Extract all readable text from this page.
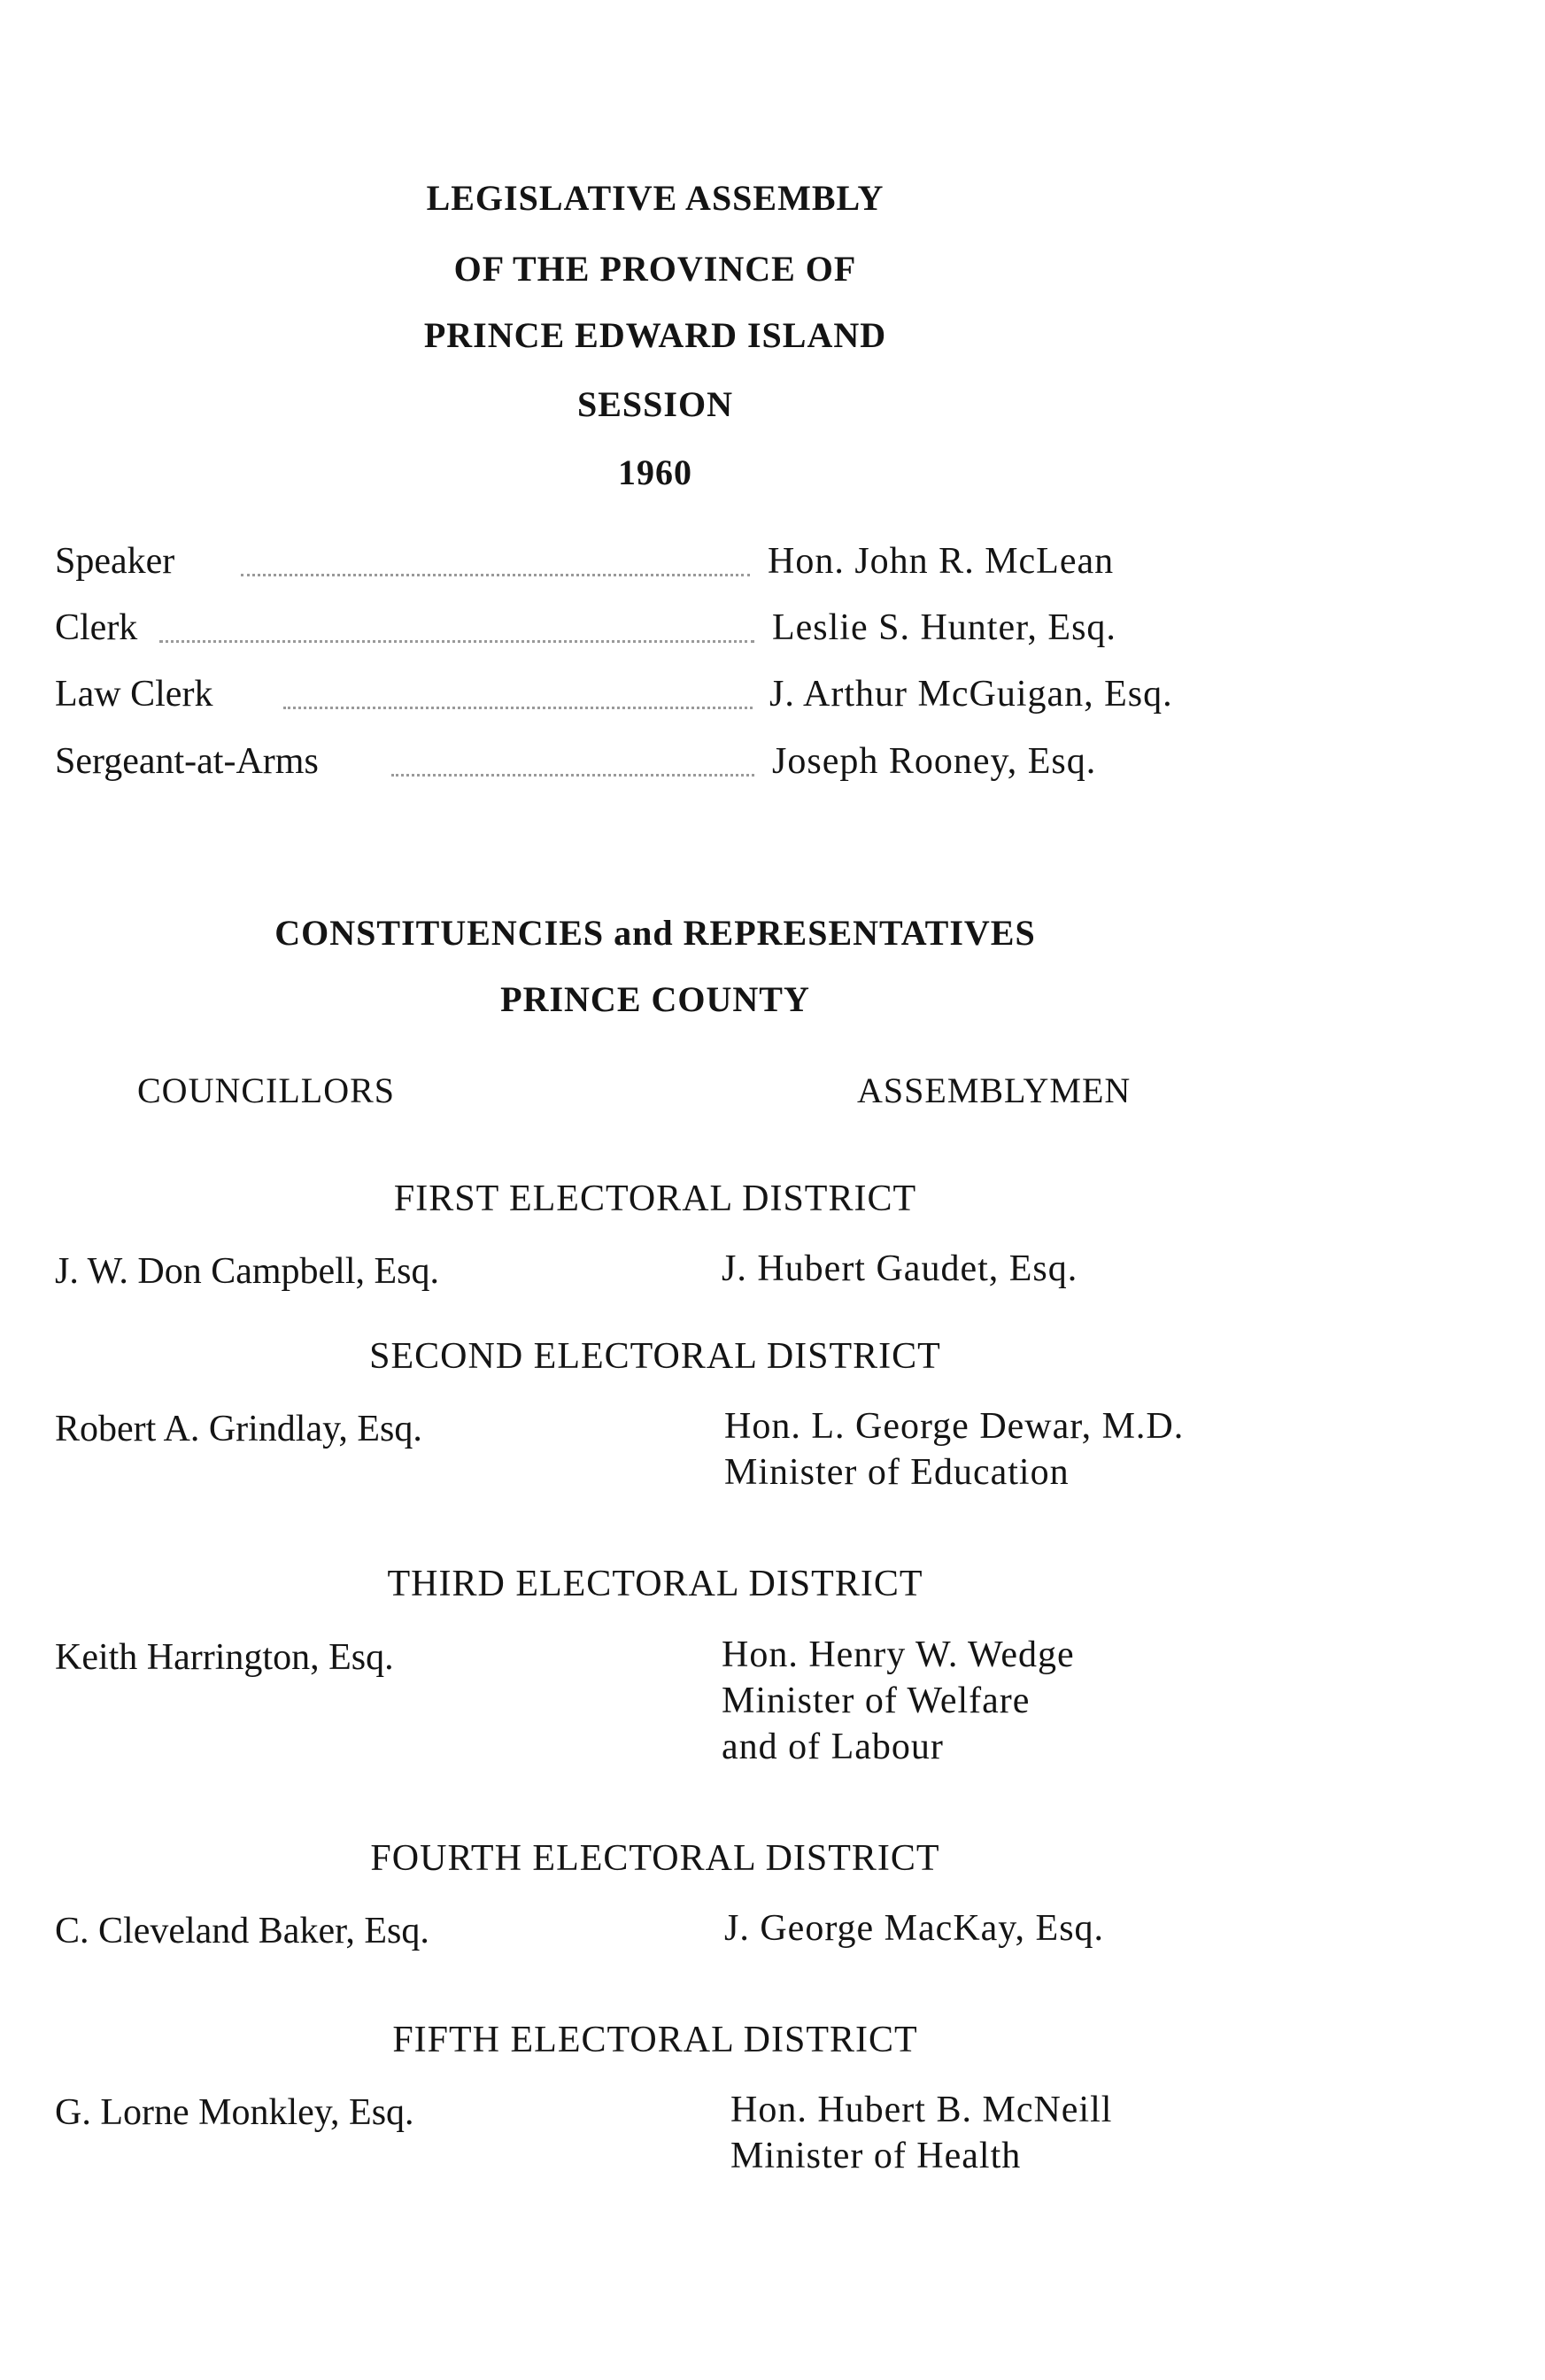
LEGISLATIVE ASSEMBLY
OF THE PROVINCE OF
PRINCE EDWARD ISLAND
SESSION
1960
Speaker	Hon. John R. McLean
Clerk	Leslie S. Hunter, Esq.
Law Clerk	J. Arthur McGuigan, Esq.
Sergeant-at-Arms	Joseph Rooney, Esq.
CONSTITUENCIES and REPRESENTATIVES
PRINCE COUNTY
COUNCILLORS	ASSEMBLYMEN
FIRST ELECTORAL DISTRICT
J. W. Don Campbell, Esq.	J. Hubert Gaudet, Esq.
SECOND ELECTORAL DISTRICT
Robert A. Grindlay, Esq.	Hon. L. George Dewar, M.D.
Minister of Education
THIRD ELECTORAL DISTRICT
Keith Harrington, Esq.	Hon. Henry W. Wedge
Minister of Welfare
and of Labour
FOURTH ELECTORAL DISTRICT
C. Cleveland Baker, Esq.	J. George MacKay, Esq.
FIFTH ELECTORAL DISTRICT
G. Lorne Monkley, Esq.	Hon. Hubert B. McNeill
Minister of Health
